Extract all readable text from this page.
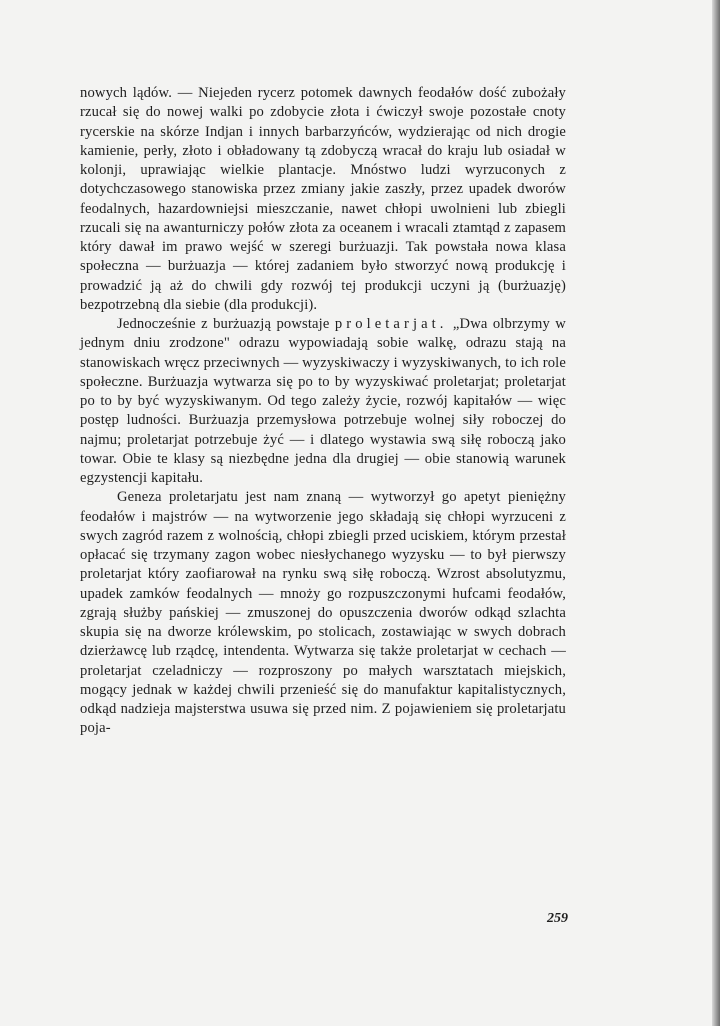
nowych lądów. — Niejeden rycerz potomek dawnych feodałów dość zubożały rzucał się do nowej walki po zdobycie złota i ćwiczył swoje pozostałe cnoty rycerskie na skórze Indjan i innych barbarzyńców, wydzierając od nich drogie kamienie, perły, złoto i obładowany tą zdobyczą wracał do kraju lub osiadał w kolonji, uprawiając wielkie plantacje. Mnóstwo ludzi wyrzuconych z dotychczasowego stanowiska przez zmiany jakie zaszły, przez upadek dworów feodalnych, hazardowniejsi mieszczanie, nawet chłopi uwolnieni lub zbiegli rzucali się na awanturniczy połów złota za oceanem i wracali ztamtąd z zapasem który dawał im prawo wejść w szeregi burżuazji. Tak powstała nowa klasa społeczna — burżuazja — której zadaniem było stworzyć nową produkcję i prowadzić ją aż do chwili gdy rozwój tej produkcji uczyni ją (burżuazję) bezpotrzebną dla siebie (dla produkcji).

Jednocześnie z burżuazją powstaje proletarjat. „Dwa olbrzymy w jednym dniu zrodzone" odrazu wypowiadają sobie walkę, odrazu stają na stanowiskach wręcz przeciwnych — wyzyskiwaczy i wyzyskiwanych, to ich role społeczne. Burżuazja wytwarza się po to by wyzyskiwać proletarjat; proletarjat po to by być wyzyskiwanym. Od tego zależy życie, rozwój kapitałów — więc postęp ludności. Burżuazja przemysłowa potrzebuje wolnej siły roboczej do najmu; proletarjat potrzebuje żyć — i dlatego wystawia swą siłę roboczą jako towar. Obie te klasy są niezbędne jedna dla drugiej — obie stanowią warunek egzystencji kapitału.

Geneza proletarjatu jest nam znaną — wytworzył go apetyt pieniężny feodałów i majstrów — na wytworzenie jego składają się chłopi wyrzuceni z swych zagród razem z wolnością, chłopi zbiegli przed uciskiem, którym przestał opłacać się trzymany zagon wobec niesłychanego wyzysku — to był pierwszy proletarjat który zaofiarował na rynku swą siłę roboczą. Wzrost absolutyzmu, upadek zamków feodalnych — mnoży go rozpuszczonymi hufcami feodałów, zgrają służby pańskiej — zmuszonej do opuszczenia dworów odkąd szlachta skupia się na dworze królewskim, po stolicach, zostawiając w swych dobrach dzierżawcę lub rządcę, intendenta. Wytwarza się także proletarjat w cechach — proletarjat czeladniczy — rozproszony po małych warsztatach miejskich, mogący jednak w każdej chwili przenieść się do manufaktur kapitalistycznych, odkąd nadzieja majsterstwa usuwa się przed nim. Z pojawieniem się proletarjatu poja-

259
